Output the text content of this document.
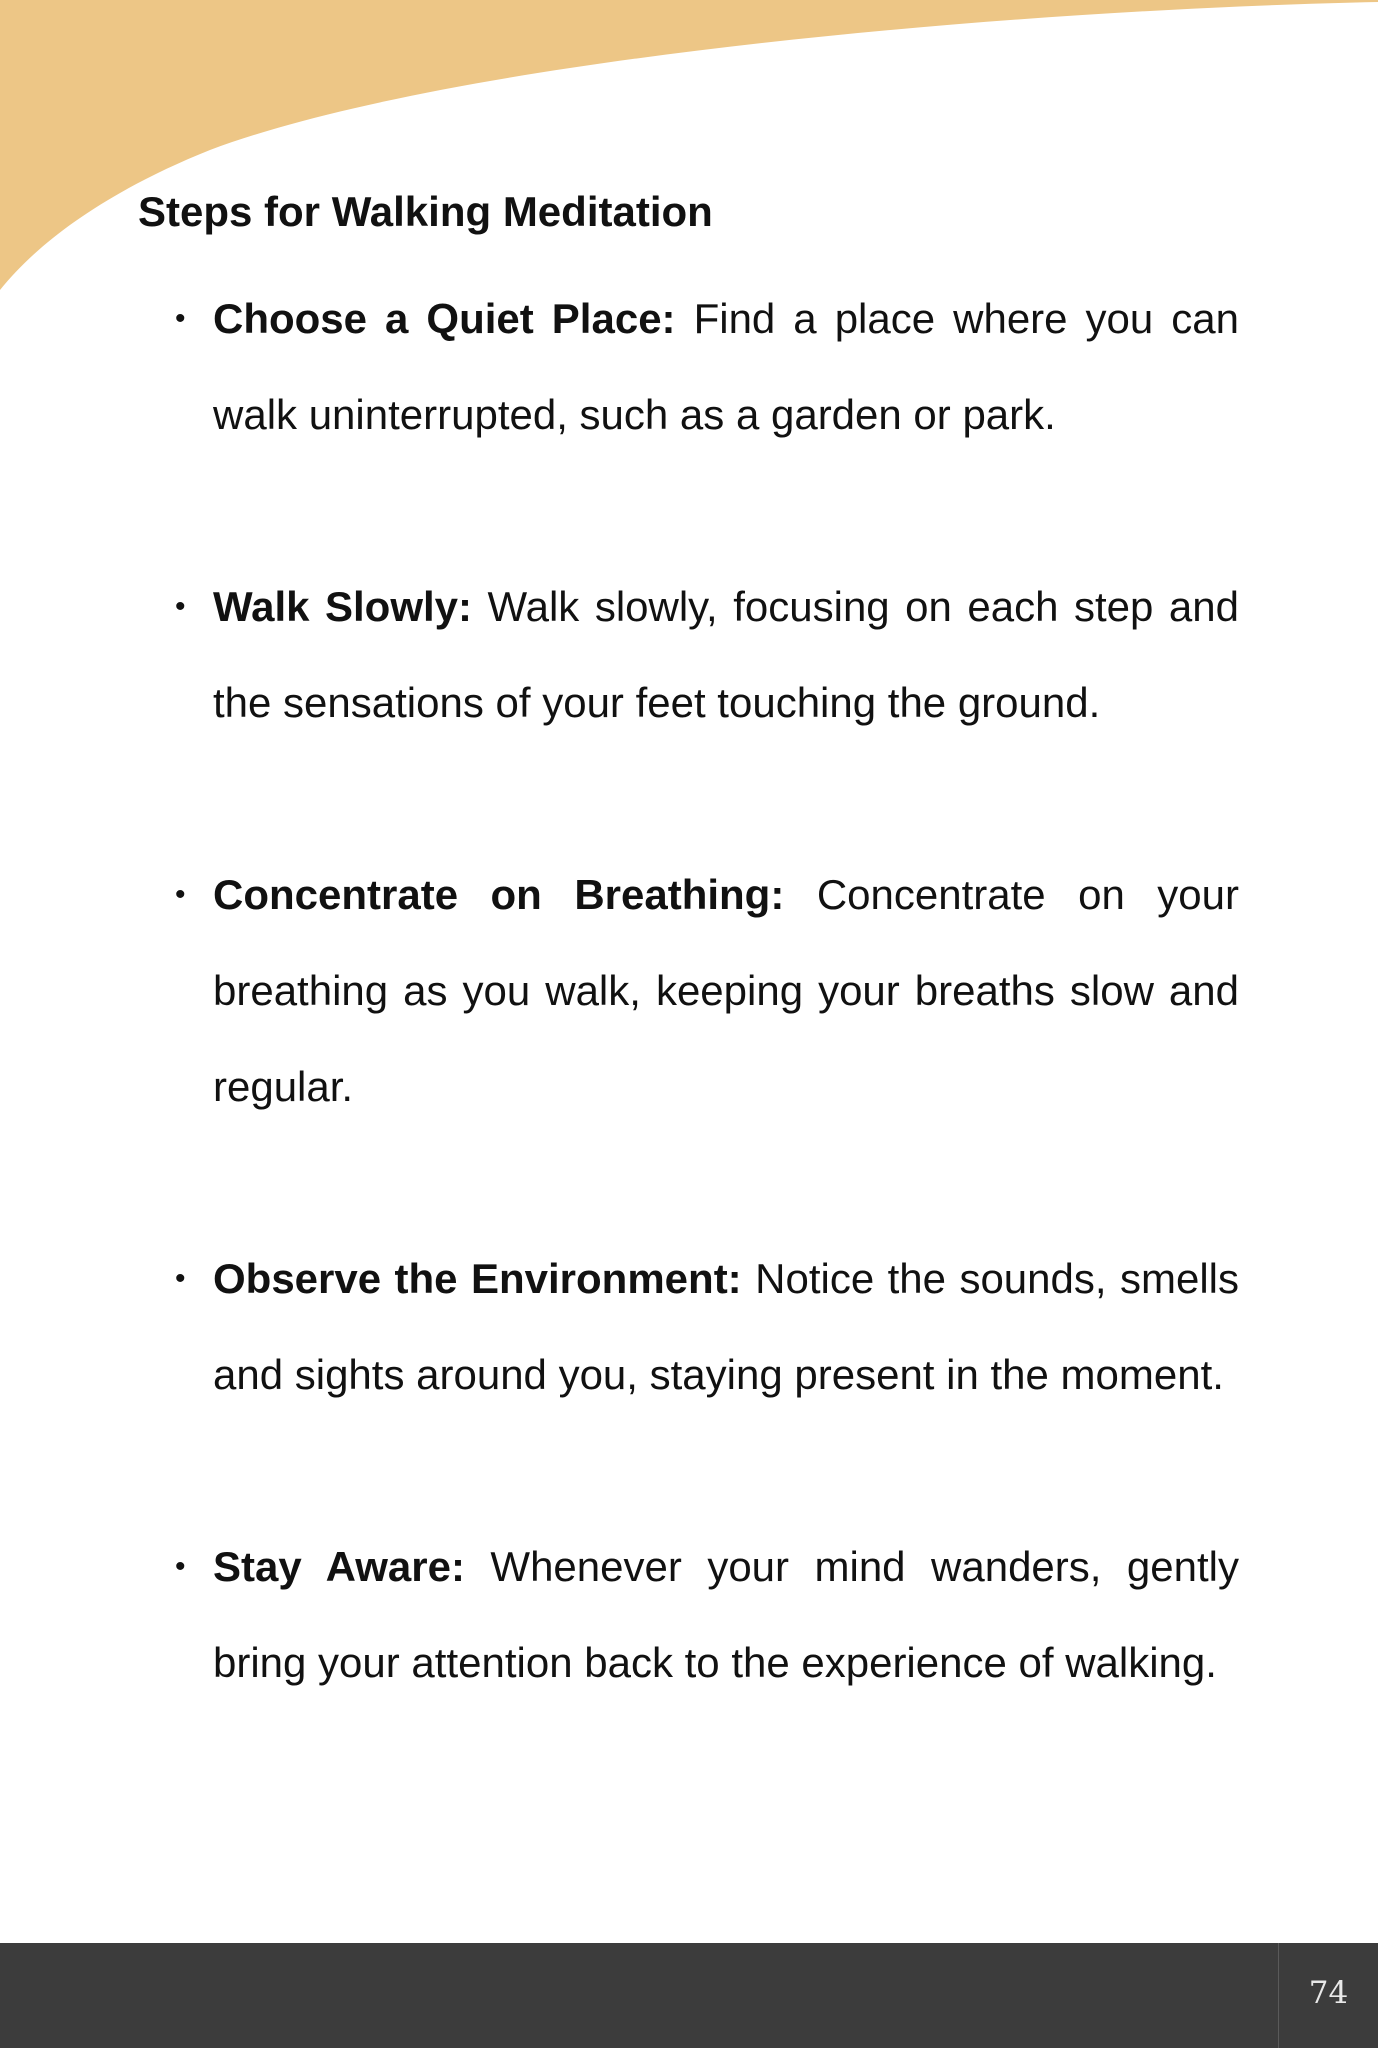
Steps for Walking Meditation
• Choose a Quiet Place: Find a place where you can walk uninterrupted, such as a garden or park.
• Walk Slowly: Walk slowly, focusing on each step and the sensations of your feet touching the ground.
• Concentrate on Breathing: Concentrate on your breathing as you walk, keeping your breaths slow and regular.
• Observe the Environment: Notice the sounds, smells and sights around you, staying present in the moment.
• Stay Aware: Whenever your mind wanders, gently bring your attention back to the experience of walking.
74
